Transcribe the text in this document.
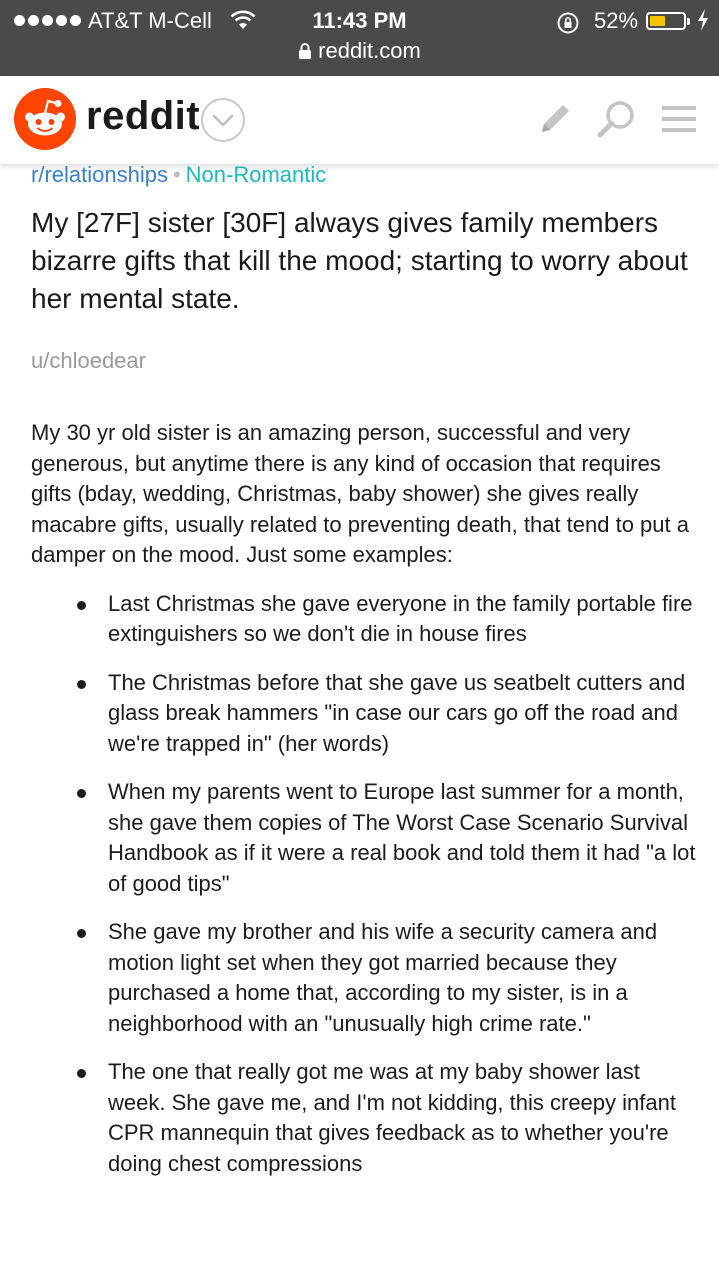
AT&T M-Cell	11:43 PM	52%
reddit.com
reddit
r/relationships • Non-Romantic
My [27F] sister [30F] always gives family members bizarre gifts that kill the mood; starting to worry about her mental state.
u/chloedear

My 30 yr old sister is an amazing person, successful and very generous, but anytime there is any kind of occasion that requires gifts (bday, wedding, Christmas, baby shower) she gives really macabre gifts, usually related to preventing death, that tend to put a damper on the mood. Just some examples:

Last Christmas she gave everyone in the family portable fire extinguishers so we don't die in house fires
The Christmas before that she gave us seatbelt cutters and glass break hammers "in case our cars go off the road and we're trapped in" (her words)
When my parents went to Europe last summer for a month, she gave them copies of The Worst Case Scenario Survival Handbook as if it were a real book and told them it had "a lot of good tips"
She gave my brother and his wife a security camera and motion light set when they got married because they purchased a home that, according to my sister, is in a neighborhood with an "unusually high crime rate."
The one that really got me was at my baby shower last week. She gave me, and I'm not kidding, this creepy infant CPR mannequin that gives feedback as to whether you're doing chest compressions
